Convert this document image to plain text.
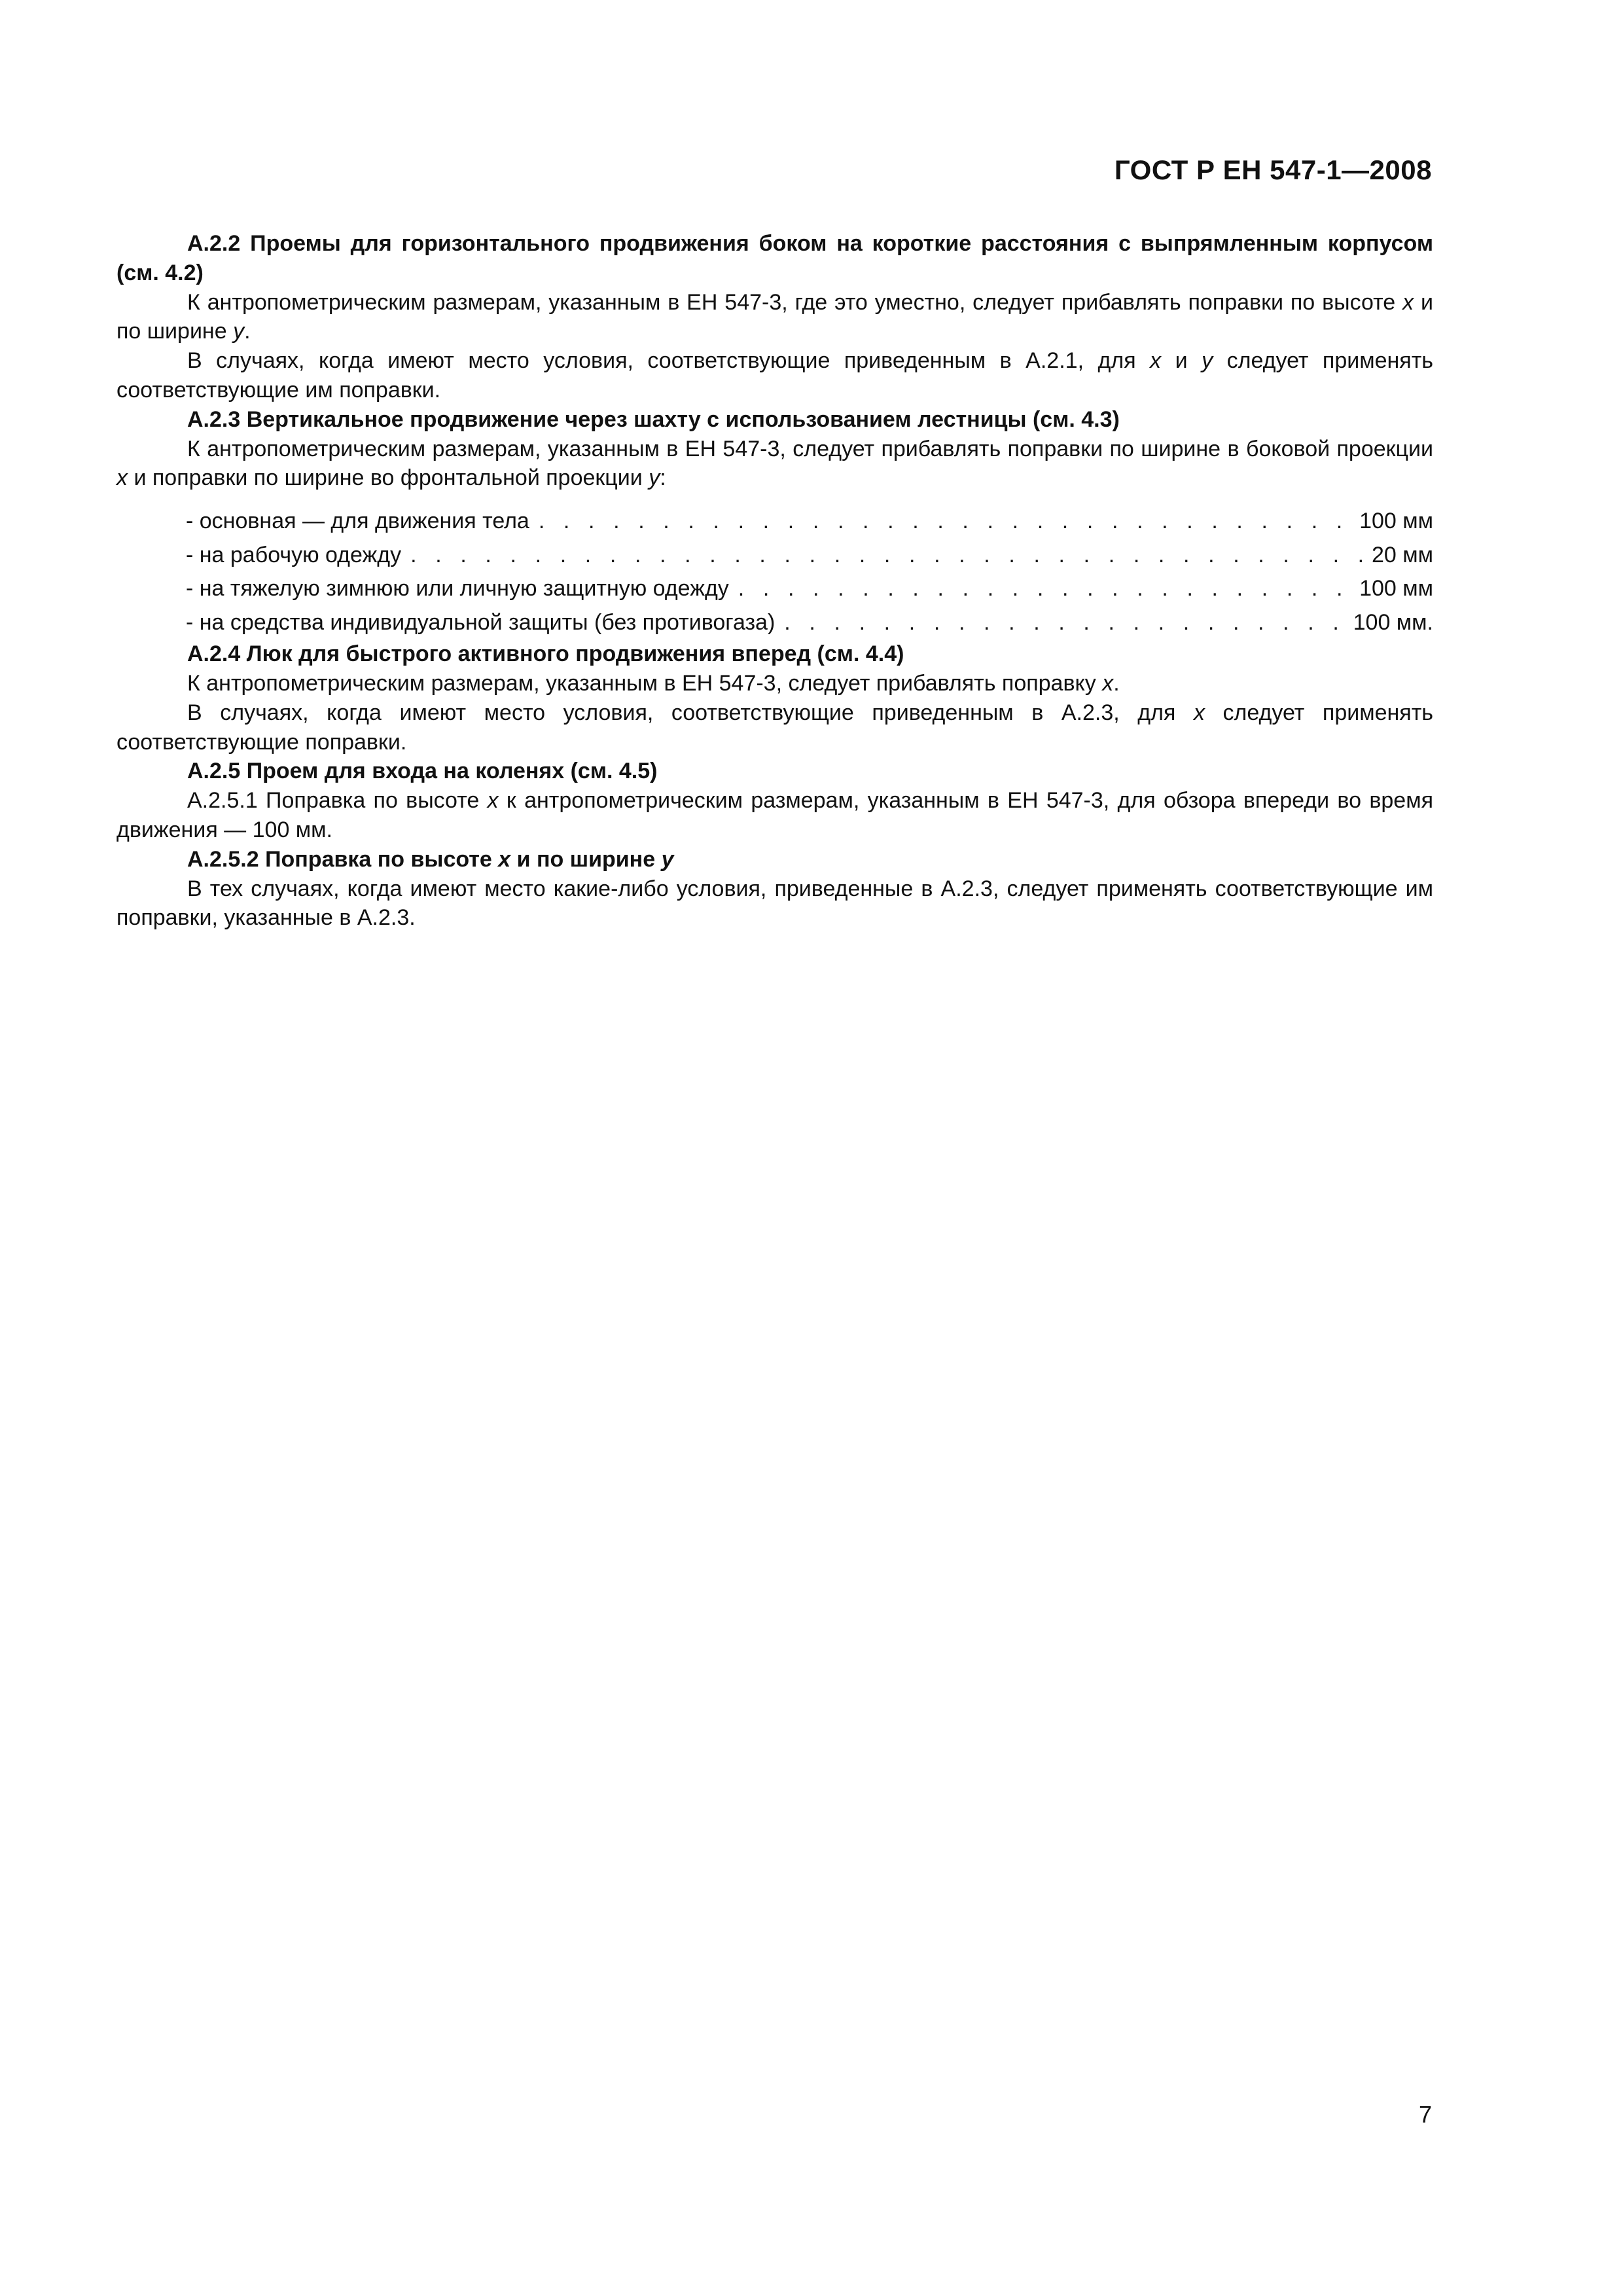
ГОСТ Р ЕН 547-1—2008

А.2.2 Проемы для горизонтального продвижения боком на короткие расстояния с выпрямленным корпусом (см. 4.2)

К антропометрическим размерам, указанным в ЕН 547-3, где это уместно, следует прибавлять поправки по высоте x и по ширине y.

В случаях, когда имеют место условия, соответствующие приведенным в А.2.1, для x и y следует применять соответствующие им поправки.

А.2.3 Вертикальное продвижение через шахту с использованием лестницы (см. 4.3)

К антропометрическим размерам, указанным в ЕН 547-3, следует прибавлять поправки по ширине в боковой проекции x и поправки по ширине во фронтальной проекции y:

- основная — для движения тела . . .	100 мм
- на рабочую одежду . . .	20 мм
- на тяжелую зимнюю или личную защитную одежду . . .	100 мм
- на средства индивидуальной защиты (без противогаза) . . .	100 мм.

А.2.4 Люк для быстрого активного продвижения вперед (см. 4.4)

К антропометрическим размерам, указанным в ЕН 547-3, следует прибавлять поправку x.

В случаях, когда имеют место условия, соответствующие приведенным в А.2.3, для x следует применять соответствующие поправки.

А.2.5 Проем для входа на коленях (см. 4.5)

А.2.5.1 Поправка по высоте x к антропометрическим размерам, указанным в ЕН 547-3, для обзора впереди во время движения — 100 мм.

А.2.5.2 Поправка по высоте x и по ширине y

В тех случаях, когда имеют место какие-либо условия, приведенные в А.2.3, следует применять соответствующие им поправки, указанные в А.2.3.

7
